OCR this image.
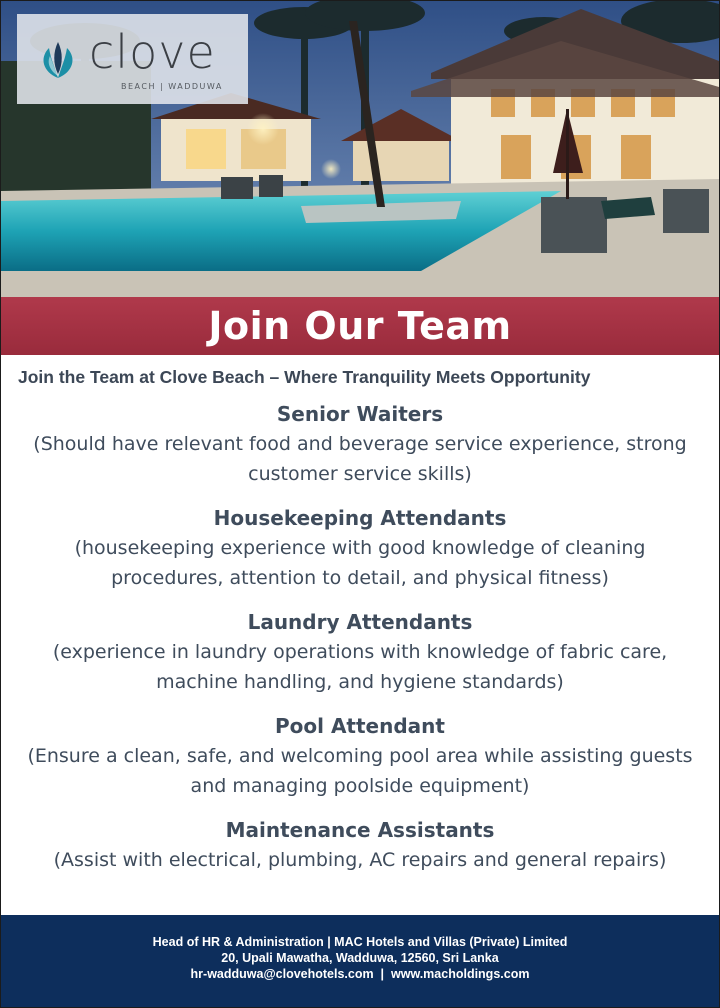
clove
BEACH | WADDUWA
Join Our Team
Join the Team at Clove Beach – Where Tranquility Meets Opportunity
Senior Waiters
(Should have relevant food and beverage service experience, strong customer service skills)
Housekeeping Attendants
(housekeeping experience with good knowledge of cleaning procedures, attention to detail, and physical fitness)
Laundry Attendants
(experience in laundry operations with knowledge of fabric care, machine handling, and hygiene standards)
Pool Attendant
(Ensure a clean, safe, and welcoming pool area while assisting guests and managing poolside equipment)
Maintenance Assistants
(Assist with electrical, plumbing, AC repairs and general repairs)
Head of HR & Administration | MAC Hotels and Villas (Private) Limited
20, Upali Mawatha, Wadduwa, 12560, Sri Lanka
hr-wadduwa@clovehotels.com | www.macholdings.com
